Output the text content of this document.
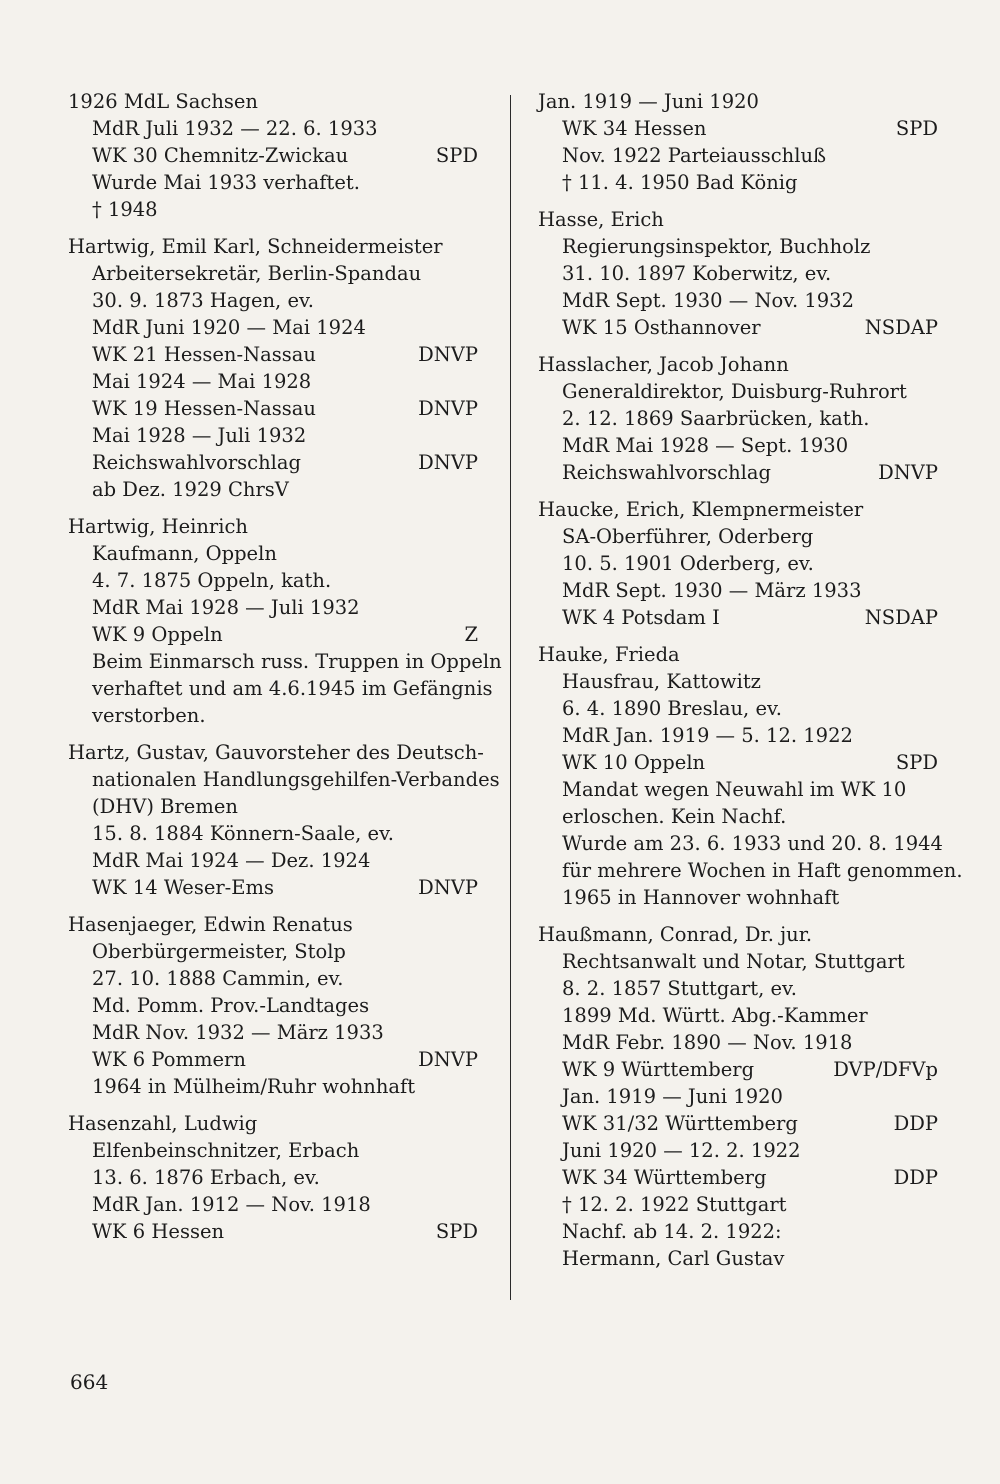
1926 MdL Sachsen
MdR Juli 1932 — 22. 6. 1933
WK 30 Chemnitz-Zwickau	SPD
Wurde Mai 1933 verhaftet.
† 1948
Hartwig, Emil Karl, Schneidermeister
Arbeitersekretär, Berlin-Spandau
30. 9. 1873 Hagen, ev.
MdR Juni 1920 — Mai 1924
WK 21 Hessen-Nassau	DNVP
Mai 1924 — Mai 1928
WK 19 Hessen-Nassau	DNVP
Mai 1928 — Juli 1932
Reichswahlvorschlag	DNVP
ab Dez. 1929 ChrsV
Hartwig, Heinrich
Kaufmann, Oppeln
4. 7. 1875 Oppeln, kath.
MdR Mai 1928 — Juli 1932
WK 9 Oppeln	Z
Beim Einmarsch russ. Truppen in Oppeln
verhaftet und am 4.6.1945 im Gefängnis
verstorben.
Hartz, Gustav, Gauvorsteher des Deutsch-
nationalen Handlungsgehilfen-Verbandes
(DHV) Bremen
15. 8. 1884 Könnern-Saale, ev.
MdR Mai 1924 — Dez. 1924
WK 14 Weser-Ems	DNVP
Hasenjaeger, Edwin Renatus
Oberbürgermeister, Stolp
27. 10. 1888 Cammin, ev.
Md. Pomm. Prov.-Landtages
MdR Nov. 1932 — März 1933
WK 6 Pommern	DNVP
1964 in Mülheim/Ruhr wohnhaft
Hasenzahl, Ludwig
Elfenbeinschnitzer, Erbach
13. 6. 1876 Erbach, ev.
MdR Jan. 1912 — Nov. 1918
WK 6 Hessen	SPD
Jan. 1919 — Juni 1920
WK 34 Hessen	SPD
Nov. 1922 Parteiausschluß
† 11. 4. 1950 Bad König
Hasse, Erich
Regierungsinspektor, Buchholz
31. 10. 1897 Koberwitz, ev.
MdR Sept. 1930 — Nov. 1932
WK 15 Osthannover	NSDAP
Hasslacher, Jacob Johann
Generaldirektor, Duisburg-Ruhrort
2. 12. 1869 Saarbrücken, kath.
MdR Mai 1928 — Sept. 1930
Reichswahlvorschlag	DNVP
Haucke, Erich, Klempnermeister
SA-Oberführer, Oderberg
10. 5. 1901 Oderberg, ev.
MdR Sept. 1930 — März 1933
WK 4 Potsdam I	NSDAP
Hauke, Frieda
Hausfrau, Kattowitz
6. 4. 1890 Breslau, ev.
MdR Jan. 1919 — 5. 12. 1922
WK 10 Oppeln	SPD
Mandat wegen Neuwahl im WK 10
erloschen. Kein Nachf.
Wurde am 23. 6. 1933 und 20. 8. 1944
für mehrere Wochen in Haft genommen.
1965 in Hannover wohnhaft
Haußmann, Conrad, Dr. jur.
Rechtsanwalt und Notar, Stuttgart
8. 2. 1857 Stuttgart, ev.
1899 Md. Württ. Abg.-Kammer
MdR Febr. 1890 — Nov. 1918
WK 9 Württemberg	DVP/DFVp
Jan. 1919 — Juni 1920
WK 31/32 Württemberg	DDP
Juni 1920 — 12. 2. 1922
WK 34 Württemberg	DDP
† 12. 2. 1922 Stuttgart
Nachf. ab 14. 2. 1922:
Hermann, Carl Gustav
664
